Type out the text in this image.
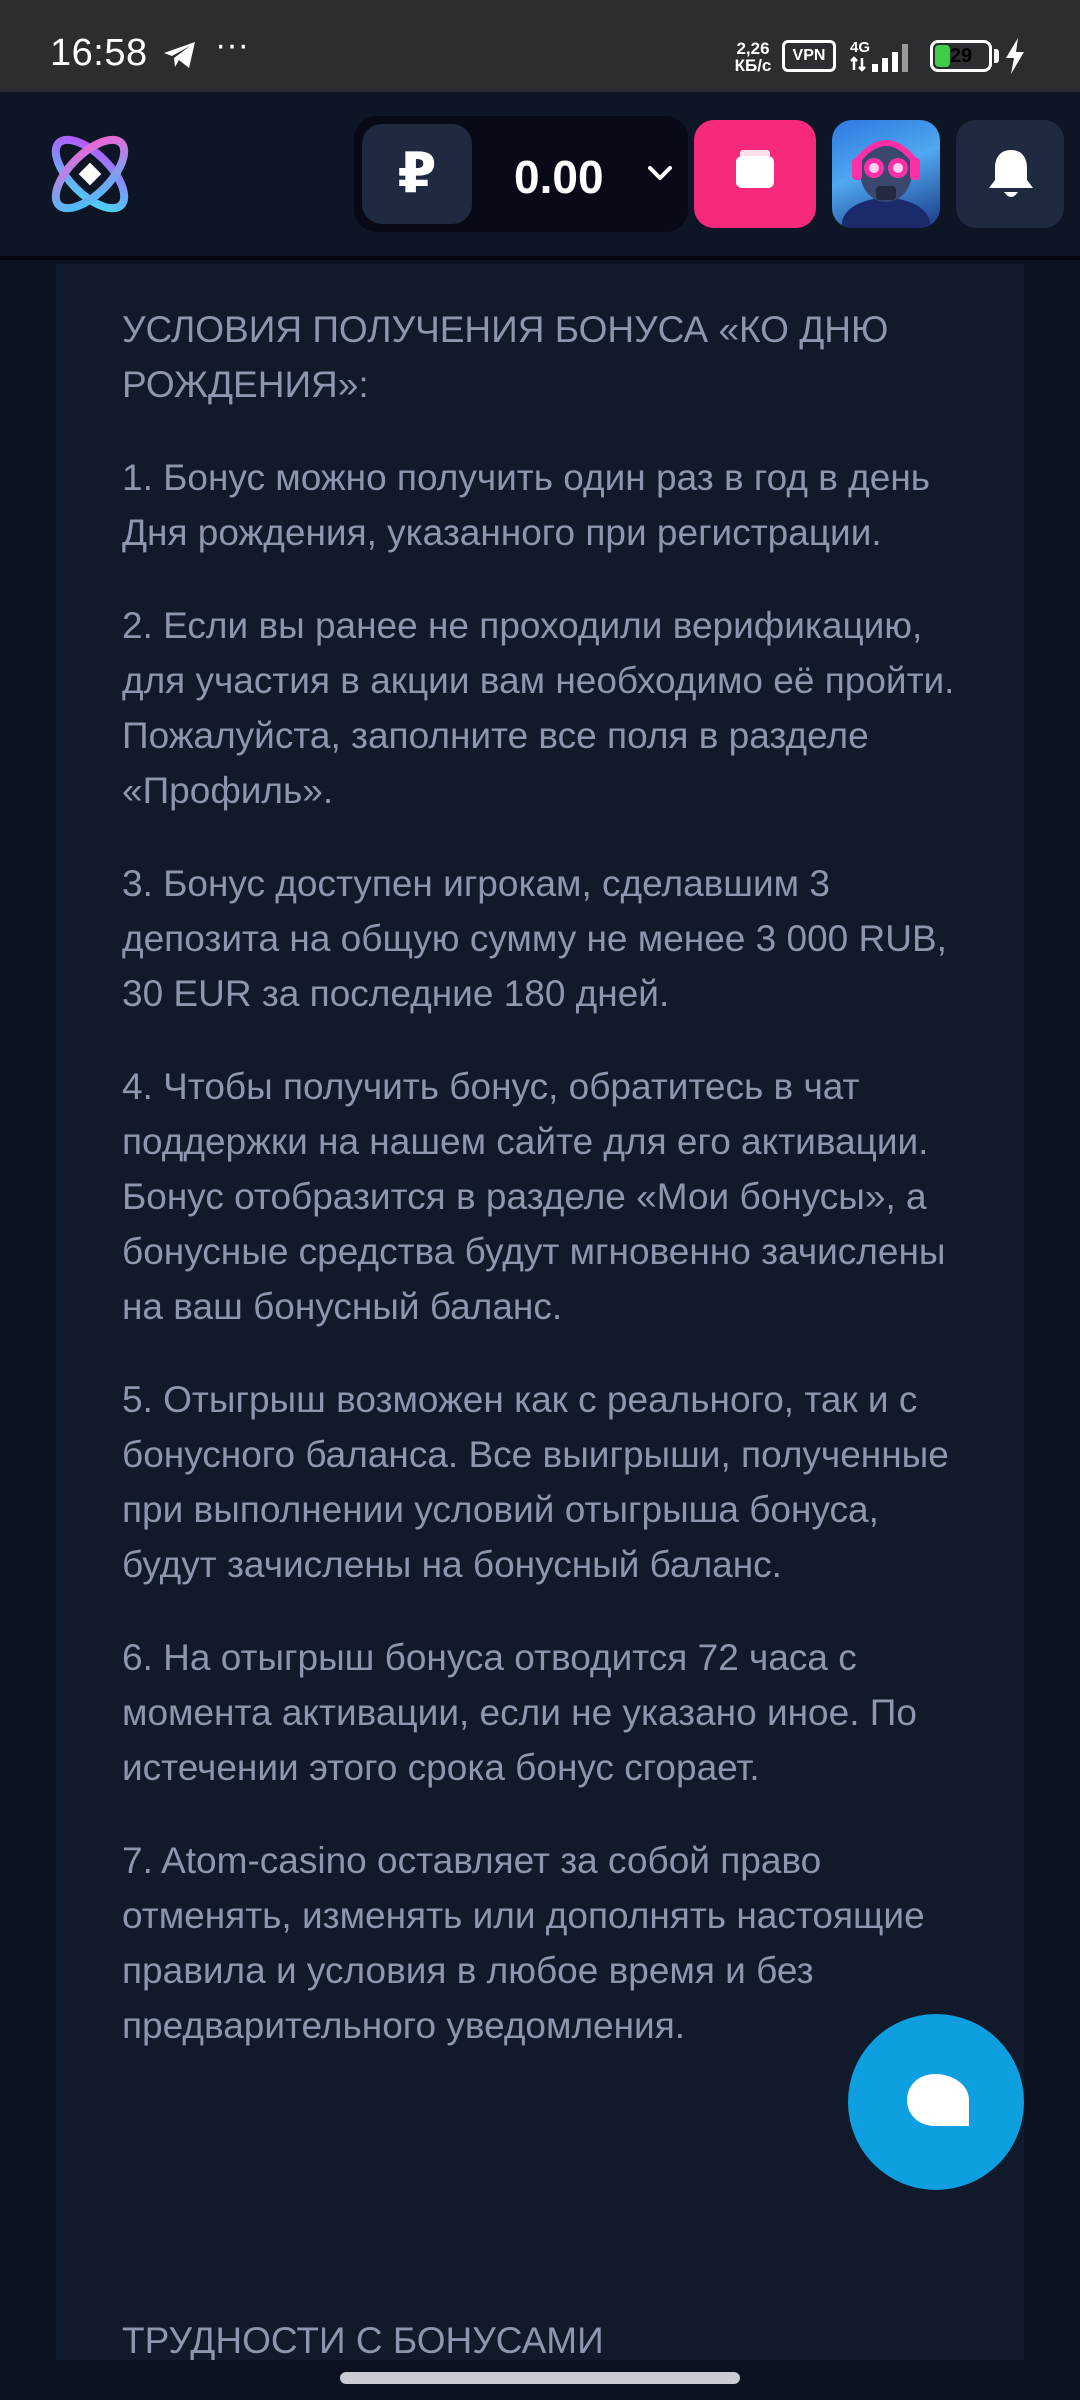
16:58 ···	2,26
КБ/с
VPN	4G	29
₽	0.00

УСЛОВИЯ ПОЛУЧЕНИЯ БОНУСА «КО ДНЮ РОЖДЕНИЯ»:

1. Бонус можно получить один раз в год в день Дня рождения, указанного при регистрации.

2. Если вы ранее не проходили верификацию, для участия в акции вам необходимо её пройти. Пожалуйста, заполните все поля в разделе «Профиль».

3. Бонус доступен игрокам, сделавшим 3 депозита на общую сумму не менее 3 000 RUB, 30 EUR за последние 180 дней.

4. Чтобы получить бонус, обратитесь в чат поддержки на нашем сайте для его активации. Бонус отобразится в разделе «Мои бонусы», а бонусные средства будут мгновенно зачислены на ваш бонусный баланс.

5. Отыгрыш возможен как с реального, так и с бонусного баланса. Все выигрыши, полученные при выполнении условий отыгрыша бонуса, будут зачислены на бонусный баланс.

6. На отыгрыш бонуса отводится 72 часа с момента активации, если не указано иное. По истечении этого срока бонус сгорает.

7. Atom-casino оставляет за собой право отменять, изменять или дополнять настоящие правила и условия в любое время и без предварительного уведомления.

ТРУДНОСТИ С БОНУСАМИ
